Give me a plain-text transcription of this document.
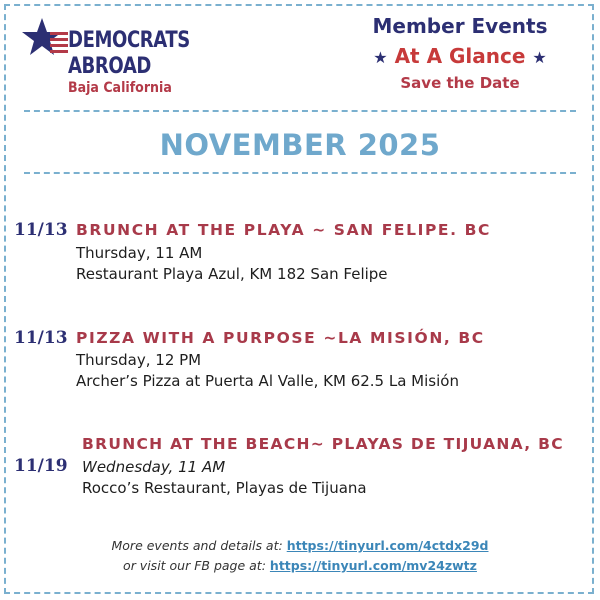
DEMOCRATS
ABROAD
Baja California
Member Events
★ At A Glance ★
Save the Date
NOVEMBER 2025
11/13 BRUNCH AT THE PLAYA ~ SAN FELIPE. BC
Thursday, 11 AM
Restaurant Playa Azul, KM 182 San Felipe
11/13 PIZZA WITH A PURPOSE ~LA MISIÓN, BC
Thursday, 12 PM
Archer’s Pizza at Puerta Al Valle, KM 62.5 La Misión
11/19
BRUNCH AT THE BEACH~ PLAYAS DE TIJUANA, BC
Wednesday, 11 AM
Rocco’s Restaurant, Playas de Tijuana
More events and details at: https://tinyurl.com/4ctdx29d
or visit our FB page at: https://tinyurl.com/mv24zwtz
